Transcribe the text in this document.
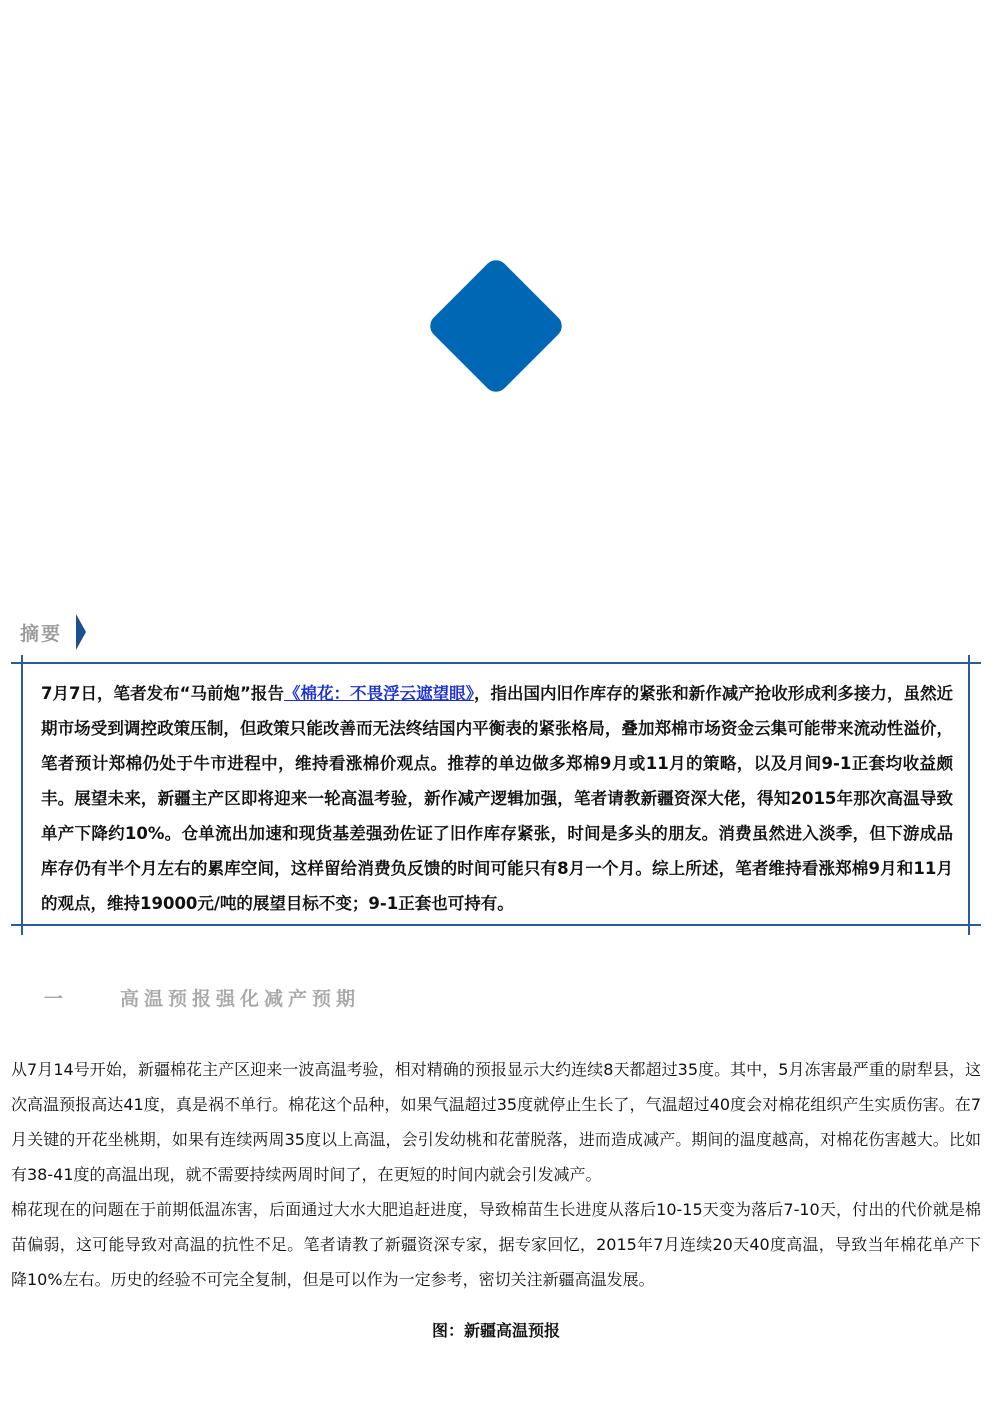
摘要
7月7日，笔者发布“马前炮”报告《棉花：不畏浮云遮望眼》，指出国内旧作库存的紧张和新作减产抢收形成利多接力，虽然近期市场受到调控政策压制，但政策只能改善而无法终结国内平衡表的紧张格局，叠加郑棉市场资金云集可能带来流动性溢价，笔者预计郑棉仍处于牛市进程中，维持看涨棉价观点。推荐的单边做多郑棉9月或11月的策略，以及月间9-1正套均收益颇丰。展望未来，新疆主产区即将迎来一轮高温考验，新作减产逻辑加强，笔者请教新疆资深大佬，得知2015年那次高温导致单产下降约10%。仓单流出加速和现货基差强劲佐证了旧作库存紧张，时间是多头的朋友。消费虽然进入淡季，但下游成品库存仍有半个月左右的累库空间，这样留给消费负反馈的时间可能只有8月一个月。综上所述，笔者维持看涨郑棉9月和11月的观点，维持19000元/吨的展望目标不变；9-1正套也可持有。
一	高温预报强化减产预期

从7月14号开始，新疆棉花主产区迎来一波高温考验，相对精确的预报显示大约连续8天都超过35度。其中，5月冻害最严重的尉犁县，这次高温预报高达41度，真是祸不单行。棉花这个品种，如果气温超过35度就停止生长了，气温超过40度会对棉花组织产生实质伤害。在7月关键的开花坐桃期，如果有连续两周35度以上高温，会引发幼桃和花蕾脱落，进而造成减产。期间的温度越高，对棉花伤害越大。比如有38-41度的高温出现，就不需要持续两周时间了，在更短的时间内就会引发减产。

棉花现在的问题在于前期低温冻害，后面通过大水大肥追赶进度，导致棉苗生长进度从落后10-15天变为落后7-10天，付出的代价就是棉苗偏弱，这可能导致对高温的抗性不足。笔者请教了新疆资深专家，据专家回忆，2015年7月连续20天40度高温，导致当年棉花单产下降10%左右。历史的经验不可完全复制，但是可以作为一定参考，密切关注新疆高温发展。

图：新疆高温预报
